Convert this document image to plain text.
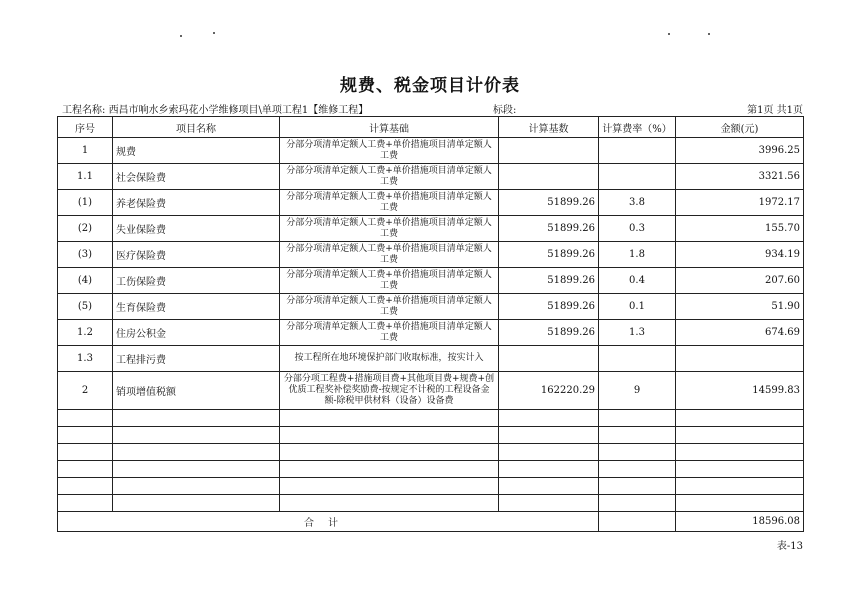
规费、税金项目计价表
工程名称: 西昌市响水乡索玛花小学维修项目\单项工程1【维修工程】	标段:	第1页 共1页
序号	项目名称	计算基础	计算基数	计算费率（%）	金额(元)
1	规费	分部分项清单定额人工费+单价措施项目清单定额人工费			3996.25
1.1	社会保险费	分部分项清单定额人工费+单价措施项目清单定额人工费			3321.56
(1)	养老保险费	分部分项清单定额人工费+单价措施项目清单定额人工费	51899.26	3.8	1972.17
(2)	失业保险费	分部分项清单定额人工费+单价措施项目清单定额人工费	51899.26	0.3	155.70
(3)	医疗保险费	分部分项清单定额人工费+单价措施项目清单定额人工费	51899.26	1.8	934.19
(4)	工伤保险费	分部分项清单定额人工费+单价措施项目清单定额人工费	51899.26	0.4	207.60
(5)	生育保险费	分部分项清单定额人工费+单价措施项目清单定额人工费	51899.26	0.1	51.90
1.2	住房公积金	分部分项清单定额人工费+单价措施项目清单定额人工费	51899.26	1.3	674.69
1.3	工程排污费	按工程所在地环境保护部门收取标准，按实计入			
2	销项增值税额	分部分项工程费+措施项目费+其他项目费+规费+创优质工程奖补偿奖励费-按规定不计税的工程设备金额-除税甲供材料（设备）设备费	162220.29	9	14599.83

合计					18596.08
表-13
